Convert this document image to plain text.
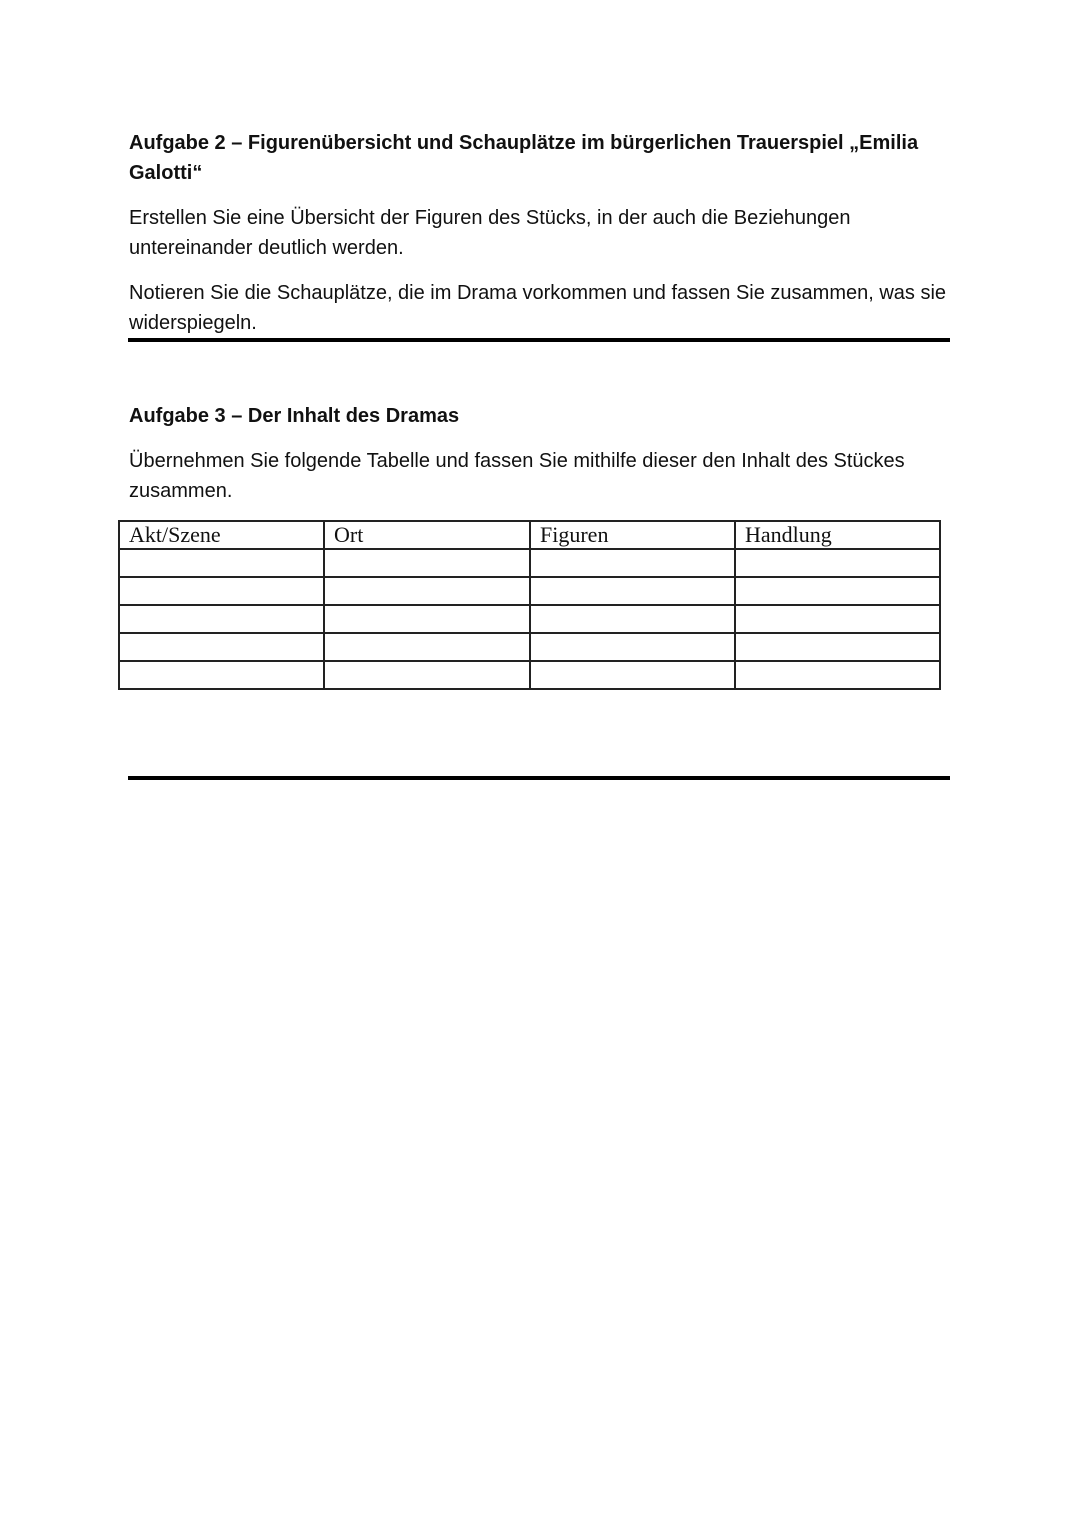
Aufgabe 2 – Figurenübersicht und Schauplätze im bürgerlichen Trauerspiel „Emilia Galotti“

Erstellen Sie eine Übersicht der Figuren des Stücks, in der auch die Beziehungen untereinander deutlich werden.

Notieren Sie die Schauplätze, die im Drama vorkommen und fassen Sie zusammen, was sie widerspiegeln.

Aufgabe 3 – Der Inhalt des Dramas

Übernehmen Sie folgende Tabelle und fassen Sie mithilfe dieser den Inhalt des Stückes zusammen.

Akt/Szene	Ort	Figuren	Handlung
